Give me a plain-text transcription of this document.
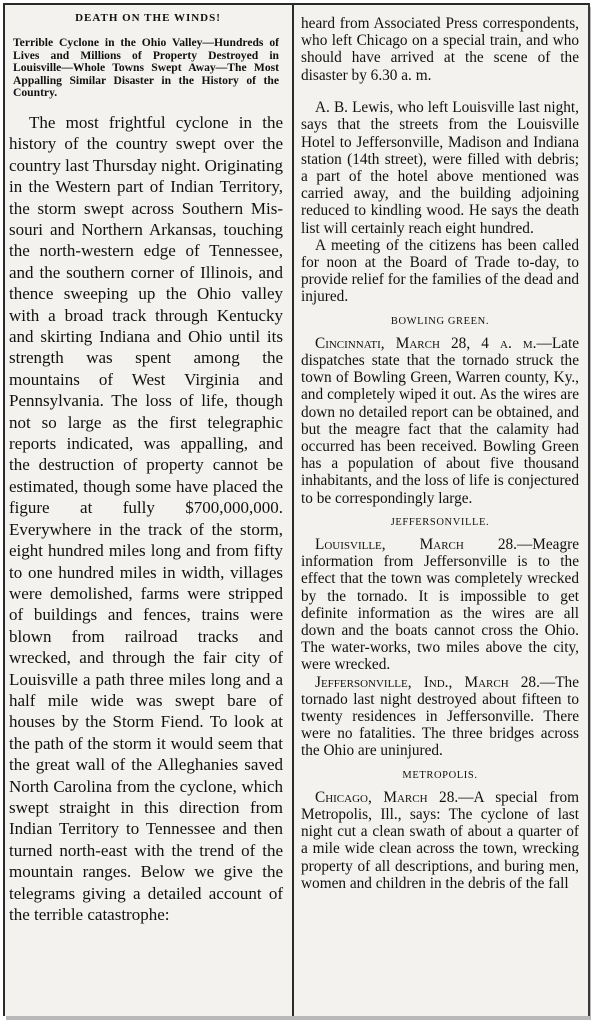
DEATH ON THE WINDS!
Terrible Cyclone in the Ohio Valley—Hundreds of Lives and Millions of Property Destroyed in Louisville—Whole Towns Swept Away—The Most Appalling Similar Disaster in the History of the Country.

The most frightful cyclone in the history of the country swept over the country last Thursday night. Originating in the Western part of Indian Territory, the storm swept across Southern Missouri and Northern Arkansas, touching the north-western edge of Tennessee, and the southern corner of Illinois, and thence sweeping up the Ohio valley with a broad track through Kentucky and skirting Indiana and Ohio until its strength was spent among the mountains of West Virginia and Pennsylvania. The loss of life, though not so large as the first telegraphic reports indicated, was appalling, and the destruction of property cannot be estimated, though some have placed the figure at fully $700,000,000. Everywhere in the track of the storm, eight hundred miles long and from fifty to one hundred miles in width, villages were demolished, farms were stripped of buildings and fences, trains were blown from railroad tracks and wrecked, and through the fair city of Louisville a path three miles long and a half mile wide was swept bare of houses by the Storm Fiend. To look at the path of the storm it would seem that the great wall of the Alleghanies saved North Carolina from the cyclone, which swept straight in this direction from Indian Territory to Tennessee and then turned north-east with the trend of the mountain ranges. Below we give the telegrams giving a detailed account of the terrible catastrophe:

heard from Associated Press correspondents, who left Chicago on a special train, and who should have arrived at the scene of the disaster by 6.30 a. m.

A. B. Lewis, who left Louisville last night, says that the streets from the Louisville Hotel to Jeffersonville, Madison and Indiana station (14th street), were filled with debris; a part of the hotel above mentioned was carried away, and the building adjoining reduced to kindling wood. He says the death list will certainly reach eight hundred.

A meeting of the citizens has been called for noon at the Board of Trade to-day, to provide relief for the families of the dead and injured.

BOWLING GREEN.

Cincinnati, March 28, 4 a. m.—Late dispatches state that the tornado struck the town of Bowling Green, Warren county, Ky., and completely wiped it out. As the wires are down no detailed report can be obtained, and but the meagre fact that the calamity had occurred has been received. Bowling Green has a population of about five thousand inhabitants, and the loss of life is conjectured to be correspondingly large.

JEFFERSONVILLE.

Louisville, March 28.—Meagre information from Jeffersonville is to the effect that the town was completely wrecked by the tornado. It is impossible to get definite information as the wires are all down and the boats cannot cross the Ohio. The water-works, two miles above the city, were wrecked.

Jeffersonville, Ind., March 28.—The tornado last night destroyed about fifteen to twenty residences in Jeffersonville. There were no fatalities. The three bridges across the Ohio are uninjured.

METROPOLIS.

Chicago, March 28.—A special from Metropolis, Ill., says: The cyclone of last night cut a clean swath of about a quarter of a mile wide clean across the town, wrecking property of all descriptions, and buring men, women and children in the debris of the fall
